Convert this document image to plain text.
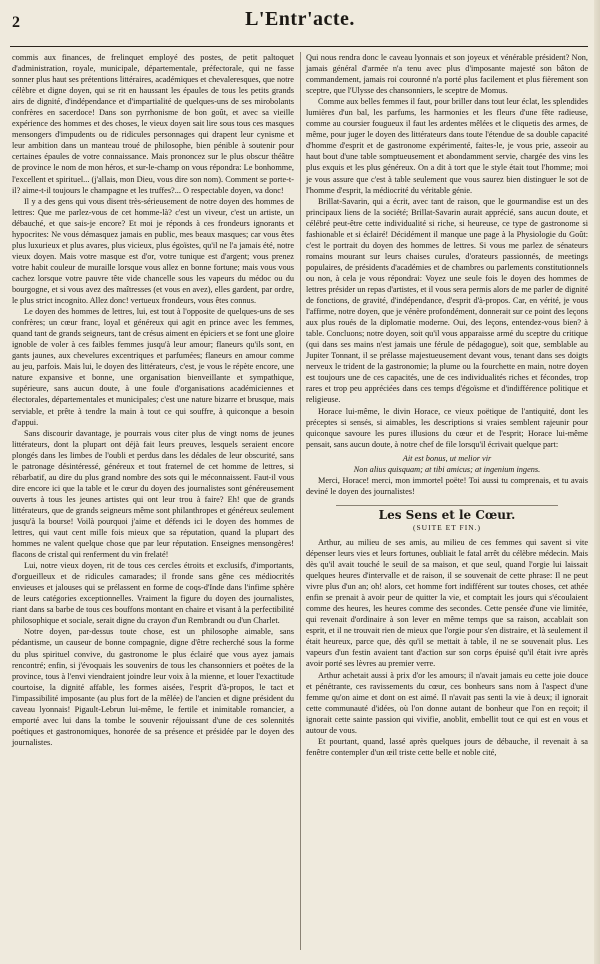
2	L'Entr'acte.

commis aux finances, de frelinquet employé des postes, de petit paltoquet d'administration, royale, municipale, départementale, préfectorale, qui ne fasse sonner plus haut ses prétentions littéraires, académiques et chevaleresques, que notre célèbre et digne doyen, qui se rit en haussant les épaules de tous les petits grands airs de dignité, d'indépendance et d'impartialité de quelques-uns de ses mirobolants confrères en sacerdoce! Dans son pyrrhonisme de bon goût, et avec sa vieille expérience des hommes et des choses, le vieux doyen sait lire sous tous ces masques mensongers d'impudents ou de ridicules personnages qui drapent leur cynisme et leur ambition dans un manteau troué de philosophe, bien pénible à soutenir pour certaines épaules de votre connaissance. Mais prononcez sur le plus obscur théâtre de province le nom de mon héros, et sur-le-champ on vous répondra: Le bonhomme, l'excellent et spirituel... (j'allais, mon Dieu, vous dire son nom). Comment se porte-t-il? aime-t-il toujours le champagne et les truffes?... O respectable doyen, va donc!

Il y a des gens qui vous disent très-sérieusement de notre doyen des hommes de lettres: Que me parlez-vous de cet homme-là? c'est un viveur, c'est un artiste, un débauché, et que sais-je encore? Et moi je réponds à ces frondeurs ignorants et hypocrites: Ne vous démasquez jamais en public, mes beaux masques; car vous êtes plus luxurieux et plus avares, plus vicieux, plus égoïstes, qu'il ne l'a jamais été, notre vieux doyen. Mais votre masque est d'or, votre tunique est d'argent; vous prenez votre habit couleur de muraille lorsque vous allez en bonne fortune; mais vous vous cachez lorsque votre pauvre tête vide chancelle sous les vapeurs du médoc ou du bourgogne, et si vous avez des maîtresses (et vous en avez), elles gardent, par ordre, le plus strict incognito. Allez donc! vertueux frondeurs, vous êtes connus.

Le doyen des hommes de lettres, lui, est tout à l'opposite de quelques-uns de ses confrères; un cœur franc, loyal et généreux qui agit en prince avec les femmes, quand tant de grands seigneurs, tant de crésus aiment en épiciers et se font une gloire ignoble de voler à ces faibles femmes jusqu'à leur amour; flaneurs qu'ils sont, en gants jaunes, aux chevelures excentriques et parfumées; flaneurs en amour comme au jeu, parfois. Mais lui, le doyen des littérateurs, c'est, je vous le répète encore, une nature expansive et bonne, une organisation bienveillante et sympathique, supérieure, sans aucun doute, à une foule d'organisations académiciennes et électorales, départementales et municipales; c'est une nature bizarre et brusque, mais serviable, et prête à tendre la main à tout ce qui souffre, à quiconque a besoin d'appui.

Sans discourir davantage, je pourrais vous citer plus de vingt noms de jeunes littérateurs, dont la plupart ont déjà fait leurs preuves, lesquels seraient encore plongés dans les limbes de l'oubli et perdus dans les dédales de leur obscurité, sans le patronage désintéressé, généreux et tout fraternel de cet homme de lettres, si rébarbatif, au dire du plus grand nombre des sots qui le méconnaissent. Faut-il vous dire encore ici que la table et le cœur du doyen des journalistes sont généreusement ouverts à tous les jeunes artistes qui ont leur trou à faire? Eh! que de grands littérateurs, que de grands seigneurs même sont philanthropes et généreux seulement jusqu'à la bourse! Voilà pourquoi j'aime et défends ici le doyen des hommes de lettres, qui vaut cent mille fois mieux que sa réputation, quand la plupart des hommes ne valent quelque chose que par leur réputation. Enseignes mensongères! flacons de cristal qui renferment du vin frelaté!

Lui, notre vieux doyen, rit de tous ces cercles étroits et exclusifs, d'importants, d'orgueilleux et de ridicules camarades; il fronde sans gêne ces médiocrités envieuses et jalouses qui se prélassent en forme de coqs-d'Inde dans l'infime sphère de leurs catégories exceptionnelles. Vraiment la figure du doyen des journalistes, riant dans sa barbe de tous ces bouffons montant en chaire et visant à la perfectibilité philosophique et sociale, serait digne du crayon d'un Rembrandt ou d'un Charlet.

Notre doyen, par-dessus toute chose, est un philosophe aimable, sans pédantisme, un causeur de bonne compagnie, digne d'être recherché sous la forme du plus spirituel convive, du gastronome le plus éclairé que vous ayez jamais rencontré; enfin, si j'évoquais les souvenirs de tous les chansonniers et poëtes de la province, tous à l'envi viendraient joindre leur voix à la mienne, et louer l'exactitude courtoise, la dignité affable, les formes aisées, l'esprit d'à-propos, le tact et l'impassibilité imposante (au plus fort de la mêlée) de l'ancien et digne président du caveau lyonnais! Pigault-Lebrun lui-même, le fertile et inimitable romancier, a emporté avec lui dans la tombe le souvenir réjouissant d'une de ces solennités poétiques et gastronomiques, honorée de sa présence et présidée par le doyen des journalistes.

Qui nous rendra donc le caveau lyonnais et son joyeux et vénérable président? Non, jamais général d'armée n'a tenu avec plus d'imposante majesté son bâton de commandement, jamais roi couronné n'a porté plus facilement et plus fièrement son sceptre, que l'Ulysse des chansonniers, le sceptre de Momus.

Comme aux belles femmes il faut, pour briller dans tout leur éclat, les splendides lumières d'un bal, les parfums, les harmonies et les fleurs d'une fête radieuse, comme au coursier fougueux il faut les ardentes mêlées et le cliquetis des armes, de même, pour juger le doyen des littérateurs dans toute l'étendue de sa double capacité d'homme d'esprit et de gastronome expérimenté, faites-le, je vous prie, asseoir au haut bout d'une table somptueusement et abondamment servie, chargée des vins les plus exquis et les plus généreux. On a dit à tort que le style était tout l'homme; moi je vous assure que c'est à table seulement que vous saurez bien distinguer le sot de l'homme d'esprit, la médiocrité du véritable génie.

Brillat-Savarin, qui a écrit, avec tant de raison, que le gourmandise est un des principaux liens de la société; Brillat-Savarin aurait apprécié, sans aucun doute, et célébré peut-être cette individualité si riche, si heureuse, ce type de gastronome si fashionable et si éclairé! Décidément il manque une page à la Physiologie du Goût: c'est le portrait du doyen des hommes de lettres. Si vous me parlez de sénateurs romains mourant sur leurs chaises curules, d'orateurs passionnés, de meetings populaires, de présidents d'académies et de chambres ou parlements constitutionnels ou non, à cela je vous répondrai: Voyez une seule fois le doyen des hommes de lettres présider un repas d'artistes, et il vous sera permis alors de me parler de dignité de fonctions, de gravité, d'indépendance, d'esprit d'à-propos. Car, en vérité, je vous l'affirme, notre doyen, que je vénère profondément, donnerait sur ce point des leçons aux plus roués de la diplomatie moderne. Oui, des leçons, entendez-vous bien? à table. Concluons; notre doyen, soit qu'il vous apparaisse armé du sceptre du critique (qui dans ses mains n'est jamais une férule de pédagogue), soit que, semblable au Jupiter Tonnant, il se prélasse majestueusement devant vous, tenant dans ses doigts nerveux le trident de la gastronomie; la plume ou la fourchette en main, notre doyen est toujours une de ces capacités, une de ces individualités riches et fécondes, trop rares et trop peu appréciées dans ces temps d'égoïsme et d'indifférence politique et religieuse.

Horace lui-même, le divin Horace, ce vieux poëtique de l'antiquité, dont les préceptes si sensés, si aimables, les descriptions si vraies semblent rajeunir pour quiconque savoure les pures illusions du cœur et de l'esprit; Horace lui-même pensait, sans aucun doute, à notre chef de file lorsqu'il écrivait quelque part:

Ait est bonus, ut melior vir
Non alius quisquam; at tibi amicus; at ingenium ingens.

Merci, Horace! merci, mon immortel poëte! Toi aussi tu comprenais, et tu avais deviné le doyen des journalistes!

Les Sens et le Cœur.
(SUITE ET FIN.)

Arthur, au milieu de ses amis, au milieu de ces femmes qui savent si vite dépenser leurs vies et leurs fortunes, oubliait le fatal arrêt du célèbre médecin. Mais dès qu'il avait touché le seuil de sa maison, et que seul, quand l'orgie lui laissait quelques heures d'intervalle et de raison, il se souvenait de cette phrase: Il ne peut vivre plus d'un an; oh! alors, cet homme fort indifférent sur toutes choses, cet athée enfin se prenait à avoir peur de quitter la vie, et comptait les jours qui s'écoulaient comme des heures, les heures comme des secondes. Cette pensée d'une vie limitée, qui revenait d'ordinaire à son lever en même temps que sa raison, accablait son esprit, et il ne trouvait rien de mieux que l'orgie pour s'en distraire, et là seulement il était heureux, parce que, dès qu'il se mettait à table, il ne se souvenait plus. Les vapeurs d'un festin avaient tant d'action sur son corps épuisé qu'il était ivre après avoir porté ses lèvres au premier verre.

Arthur achetait aussi à prix d'or les amours; il n'avait jamais eu cette joie douce et pénétrante, ces ravissements du cœur, ces bonheurs sans nom à l'aspect d'une femme qu'on aime et dont on est aimé. Il n'avait pas senti la vie à deux; il ignorait cette communauté d'idées, où l'on donne autant de bonheur que l'on en reçoit; il ignorait cette sainte passion qui vivifie, anoblit, embellit tout ce qui est en vous et autour de vous.

Et pourtant, quand, lassé après quelques jours de débauche, il revenait à sa fenêtre contempler d'un œil triste cette belle et noble cité,
